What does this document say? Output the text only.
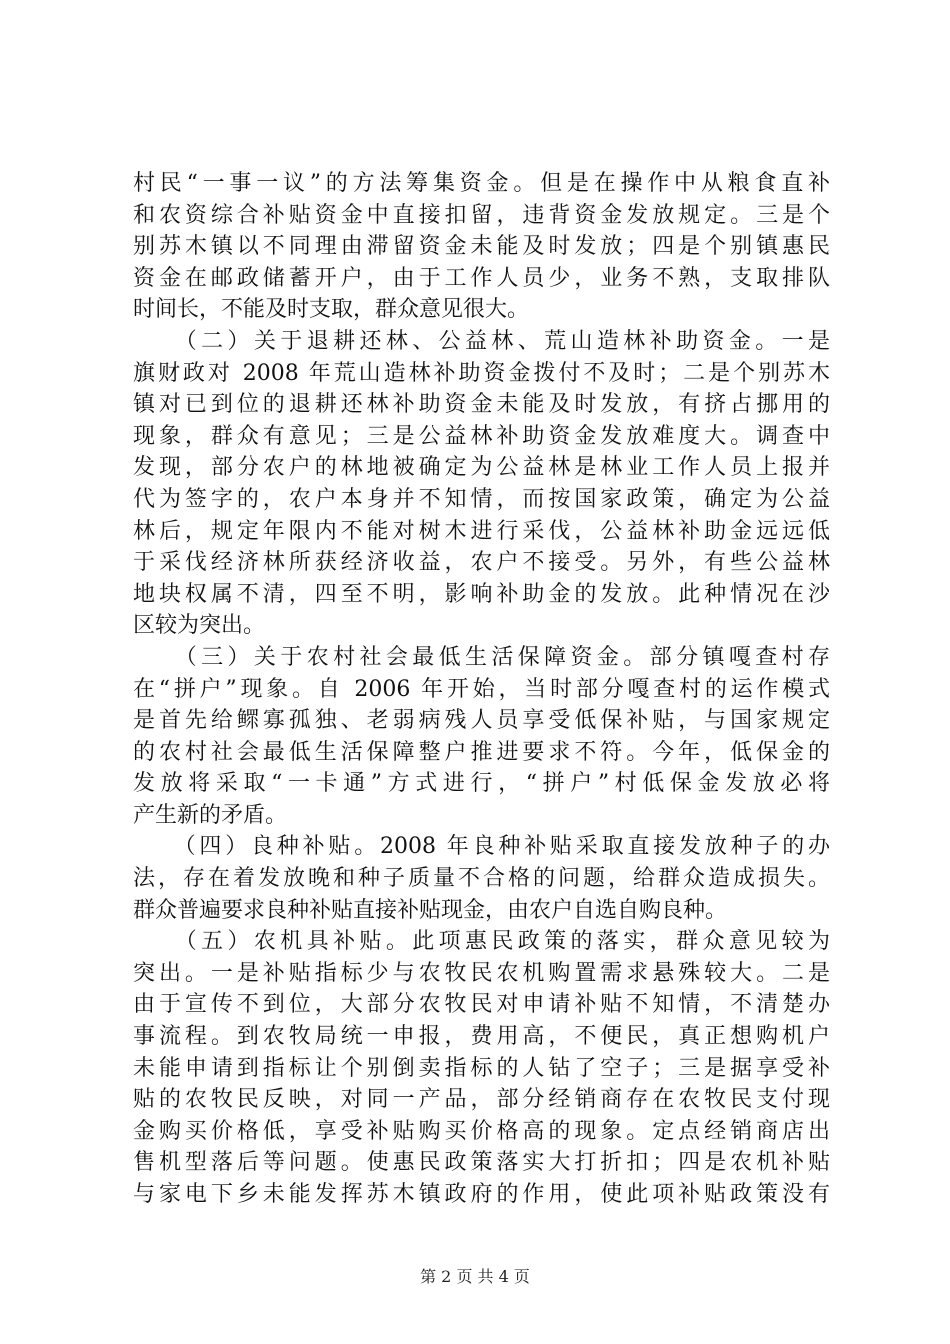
村民“一事一议”的方法筹集资金。但是在操作中从粮食直补
和农资综合补贴资金中直接扣留，违背资金发放规定。三是个
别苏木镇以不同理由滞留资金未能及时发放；四是个别镇惠民
资金在邮政储蓄开户，由于工作人员少，业务不熟，支取排队
时间长，不能及时支取，群众意见很大。
　　（二）关于退耕还林、公益林、荒山造林补助资金。一是
旗财政对 2008 年荒山造林补助资金拨付不及时；二是个别苏木
镇对已到位的退耕还林补助资金未能及时发放，有挤占挪用的
现象，群众有意见；三是公益林补助资金发放难度大。调查中
发现，部分农户的林地被确定为公益林是林业工作人员上报并
代为签字的，农户本身并不知情，而按国家政策，确定为公益
林后，规定年限内不能对树木进行采伐，公益林补助金远远低
于采伐经济林所获经济收益，农户不接受。另外，有些公益林
地块权属不清，四至不明，影响补助金的发放。此种情况在沙
区较为突出。
　　（三）关于农村社会最低生活保障资金。部分镇嘎查村存
在“拼户”现象。自 2006 年开始，当时部分嘎查村的运作模式
是首先给鳏寡孤独、老弱病残人员享受低保补贴，与国家规定
的农村社会最低生活保障整户推进要求不符。今年，低保金的
发放将采取“一卡通”方式进行，“拼户”村低保金发放必将
产生新的矛盾。
　　（四）良种补贴。2008 年良种补贴采取直接发放种子的办
法，存在着发放晚和种子质量不合格的问题，给群众造成损失。
群众普遍要求良种补贴直接补贴现金，由农户自选自购良种。
　　（五）农机具补贴。此项惠民政策的落实，群众意见较为
突出。一是补贴指标少与农牧民农机购置需求悬殊较大。二是
由于宣传不到位，大部分农牧民对申请补贴不知情，不清楚办
事流程。到农牧局统一申报，费用高，不便民，真正想购机户
未能申请到指标让个别倒卖指标的人钻了空子；三是据享受补
贴的农牧民反映，对同一产品，部分经销商存在农牧民支付现
金购买价格低，享受补贴购买价格高的现象。定点经销商店出
售机型落后等问题。使惠民政策落实大打折扣；四是农机补贴
与家电下乡未能发挥苏木镇政府的作用，使此项补贴政策没有
第 2 页 共 4 页
